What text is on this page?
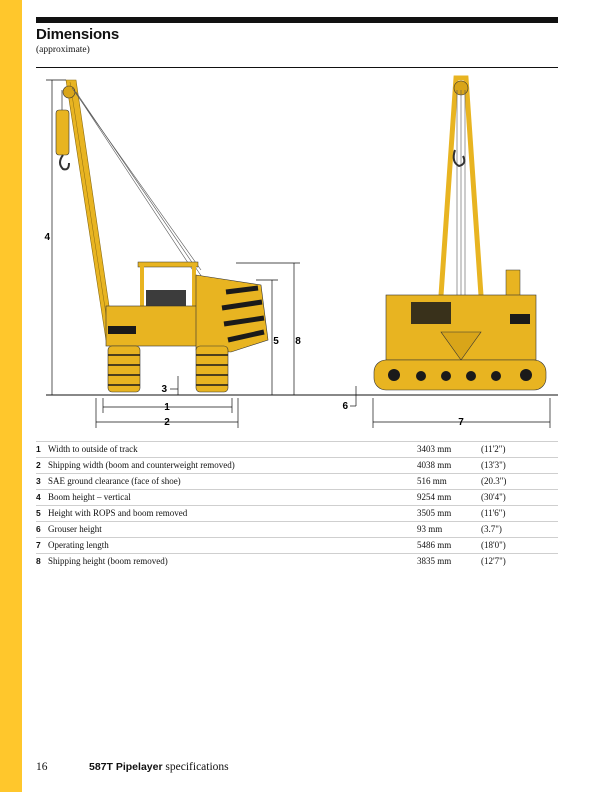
Dimensions
(approximate)
4
5 8
3
1
2
6
7
1 Width to outside of track	3403 mm	(11'2")
2 Shipping width (boom and counterweight removed)	4038 mm	(13'3")
3 SAE ground clearance (face of shoe)	516 mm	(20.3")
4 Boom height – vertical	9254 mm	(30'4")
5 Height with ROPS and boom removed	3505 mm	(11'6")
6 Grouser height	93 mm	(3.7")
7 Operating length	5486 mm	(18'0")
8 Shipping height (boom removed)	3835 mm	(12'7")
16	587T Pipelayer specifications
